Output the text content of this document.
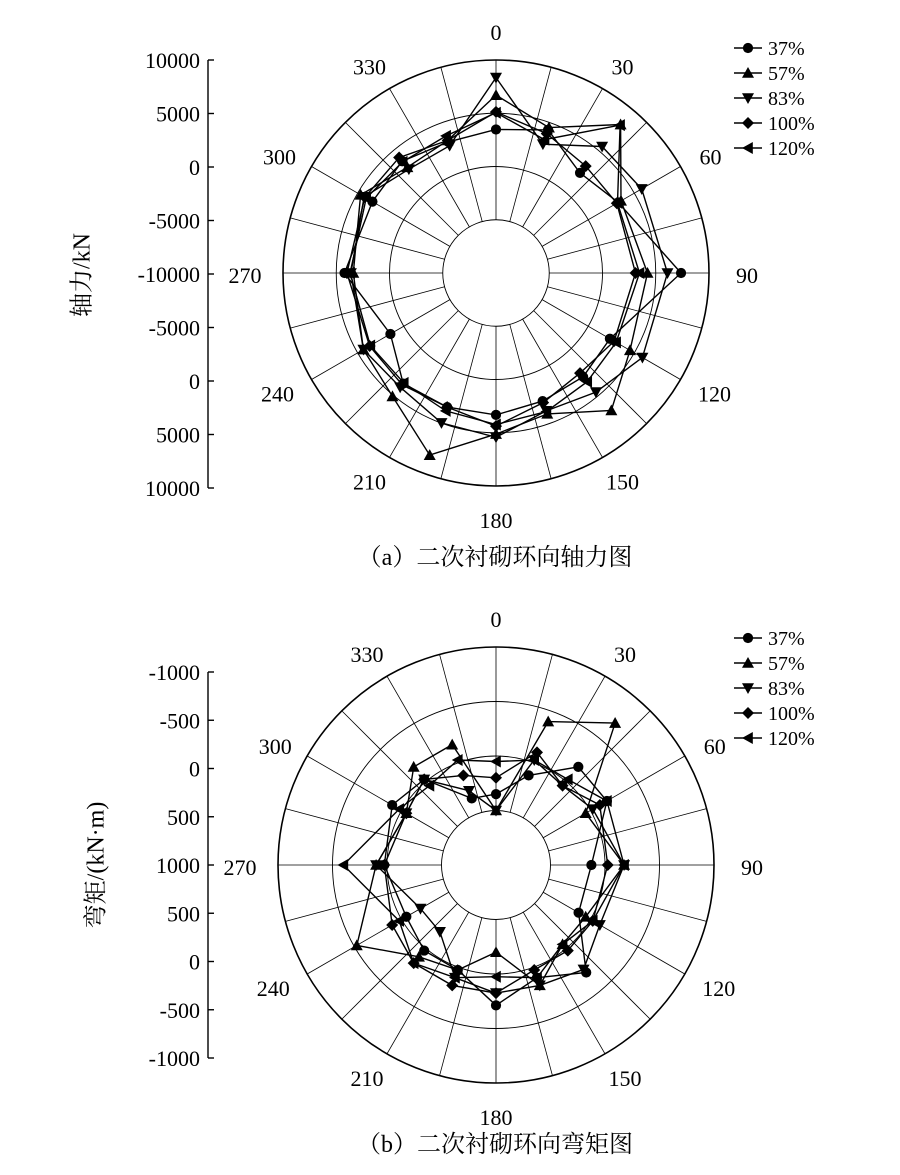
10000
5000
0
-5000
-10000
-5000
0
5000
10000
0
30
60
90
120
150
180
210
240
270
300
330
37%
57%
83%
100%
120%
轴力/kN
（a）二次衬砌环向轴力图
-1000
-500
0
500
1000
500
0
-500
-1000
0
30
60
90
120
150
180
210
240
270
300
330
37%
57%
83%
100%
120%
弯矩/(kN·m)
（b）二次衬砌环向弯矩图
